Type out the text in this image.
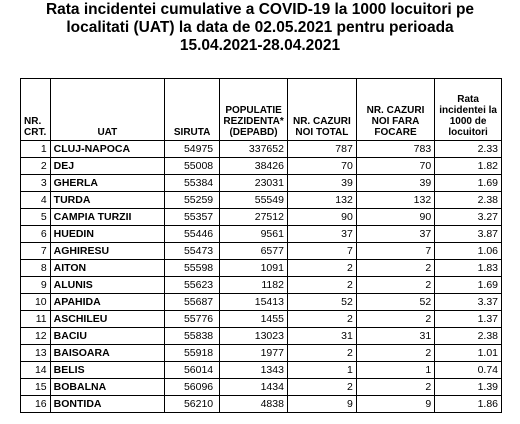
Rata incidentei cumulative a COVID-19 la 1000 locuitori pe
localitati (UAT) la data de 02.05.2021 pentru perioada
15.04.2021-28.04.2021
NR. CRT.	UAT	SIRUTA	POPULATIE REZIDENTA* (DEPABD)	NR. CAZURI NOI TOTAL	NR. CAZURI NOI FARA FOCARE	Rata incidentei la 1000 de locuitori
1	CLUJ-NAPOCA	54975	337652	787	783	2.33
2	DEJ	55008	38426	70	70	1.82
3	GHERLA	55384	23031	39	39	1.69
4	TURDA	55259	55549	132	132	2.38
5	CAMPIA TURZII	55357	27512	90	90	3.27
6	HUEDIN	55446	9561	37	37	3.87
7	AGHIRESU	55473	6577	7	7	1.06
8	AITON	55598	1091	2	2	1.83
9	ALUNIS	55623	1182	2	2	1.69
10	APAHIDA	55687	15413	52	52	3.37
11	ASCHILEU	55776	1455	2	2	1.37
12	BACIU	55838	13023	31	31	2.38
13	BAISOARA	55918	1977	2	2	1.01
14	BELIS	56014	1343	1	1	0.74
15	BOBALNA	56096	1434	2	2	1.39
16	BONTIDA	56210	4838	9	9	1.86
